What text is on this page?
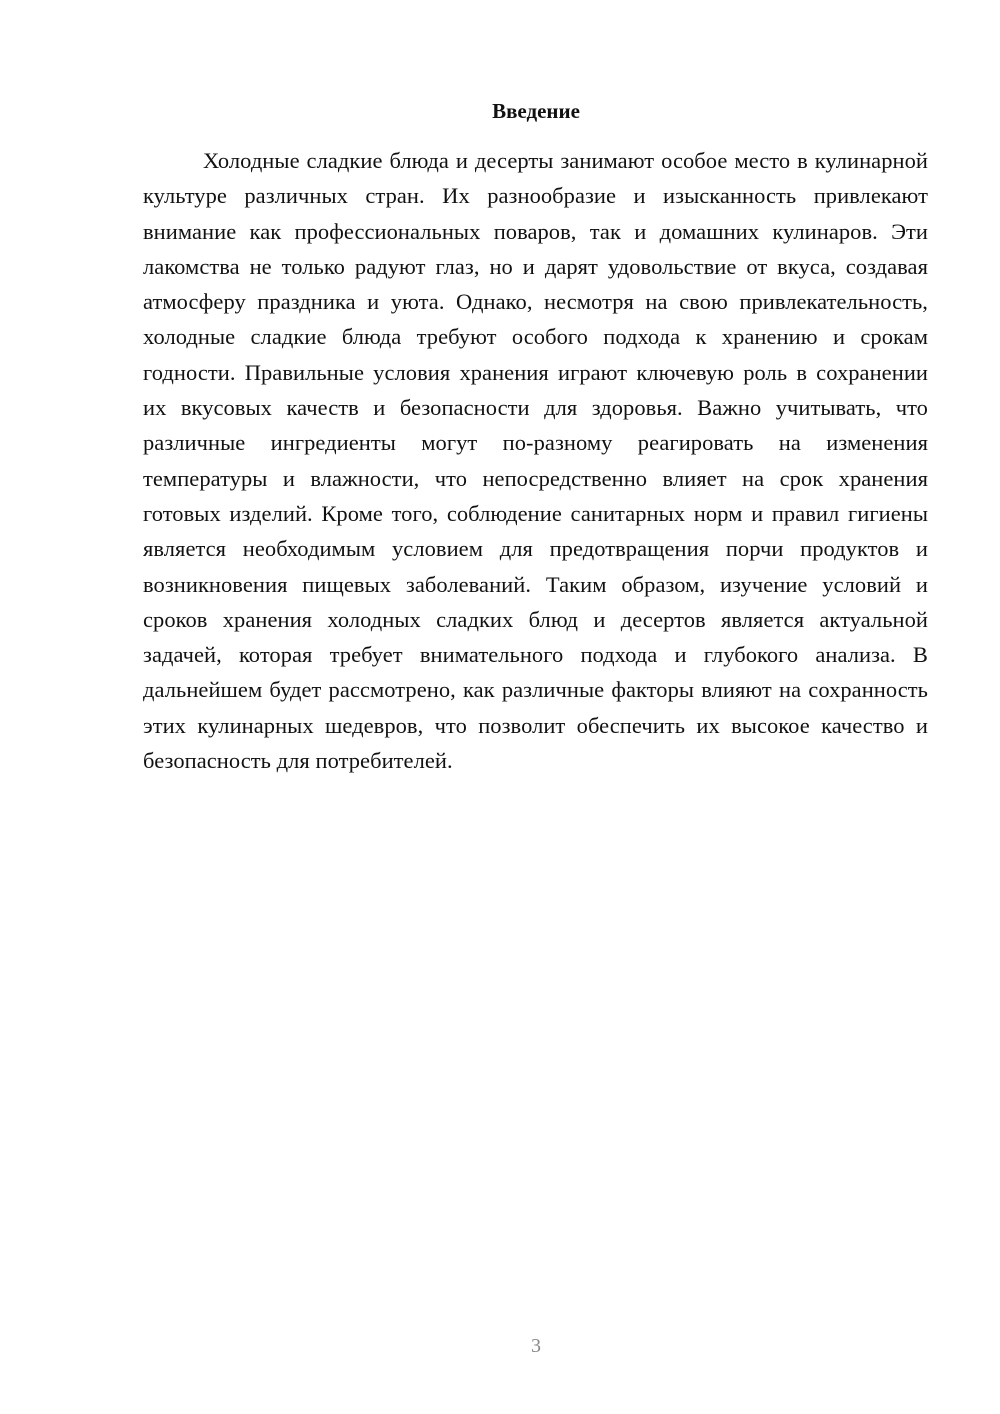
Введение

Холодные сладкие блюда и десерты занимают особое место в кулинарной культуре различных стран. Их разнообразие и изысканность привлекают внимание как профессиональных поваров, так и домашних кулинаров. Эти лакомства не только радуют глаз, но и дарят удовольствие от вкуса, создавая атмосферу праздника и уюта. Однако, несмотря на свою привлекательность, холодные сладкие блюда требуют особого подхода к хранению и срокам годности. Правильные условия хранения играют ключевую роль в сохранении их вкусовых качеств и безопасности для здоровья. Важно учитывать, что различные ингредиенты могут по-разному реагировать на изменения температуры и влажности, что непосредственно влияет на срок хранения готовых изделий. Кроме того, соблюдение санитарных норм и правил гигиены является необходимым условием для предотвращения порчи продуктов и возникновения пищевых заболеваний. Таким образом, изучение условий и сроков хранения холодных сладких блюд и десертов является актуальной задачей, которая требует внимательного подхода и глубокого анализа. В дальнейшем будет рассмотрено, как различные факторы влияют на сохранность этих кулинарных шедевров, что позволит обеспечить их высокое качество и безопасность для потребителей.

3
